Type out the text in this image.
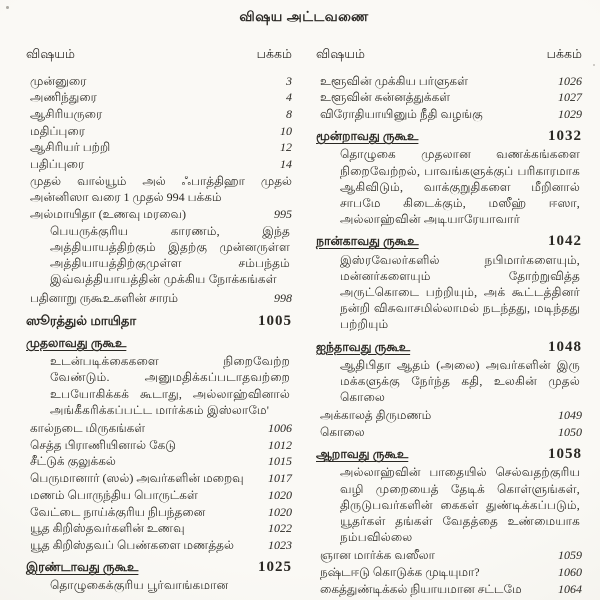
விஷய அட்டவணை
விஷயம்	பக்கம் விஷயம்	பக்கம்
முன்னுரை	3
அணிந்துரை	4
ஆசிரியருரை	8
மதிப்புரை	10
ஆசிரியர் பற்றி	12
பதிப்புரை	14
முதல் வால்யூம் அல் ஃபாத்திஹா முதல் அன்னிஸா வரை 1 முதல் 994 பக்கம்
அல்மாயிதா (உணவு மரவை)	995
பெயருக்குரிய காரணம், இந்த அத்தியாயத்திற்கும் இதற்கு முன்னருள்ள அத்தியாயத்திற்குமுள்ள சம்பந்தம் இவ்வத்தியாயத்தின் முக்கிய நோக்கங்கள்
பதினாறு ருகூஉகளின் சாரம்	998
ஸூரத்துல் மாயிதா	1005
முதலாவது ருகூஉ
உடன்படிக்கைகளை நிறைவேற்ற வேண்டும். அனுமதிக்கப்படாதவற்றை உபயோகிக்கக் கூடாது, அல்லாஹ்வினால் அங்கீகரிக்கப்பட்ட மார்க்கம் இஸ்லாமே'
கால்நடை மிருகங்கள்	1006
செத்த பிராணியினால் கேடு	1012
சீட்டுக் குலுக்கல்	1015
பெருமானார் (ஸல்) அவர்களின் மறைவு 1017
மணம் பொருந்திய பொருட்கள்	1020
வேட்டை நாய்க்குரிய நிபந்தனை	1020
யூத கிறிஸ்தவர்களின் உணவு	1022
யூத கிறிஸ்தவப் பெண்களை மணத்தல்	1023
இரண்டாவது ருகூஉ	1025
தொழுகைக்குரிய பூர்வாங்கமான
உளூவின் முக்கிய பர்ளுகள்	1026
உளூவின் சுன்னத்துக்கள்	1027
விரோதியாயினும் நீதி வழங்கு	1029
மூன்றாவது ருகூஉ	1032
தொழுகை முதலான வணக்கங்களை நிறைவேற்றல், பாவங்களுக்குப் பரிகாரமாக ஆகிவிடும், வாக்குறுதிகளை மீறினால் சாபமே கிடைக்கும், மஸீஹ் ஈஸா, அல்லாஹ்வின் அடியாரேயாவார்
நான்காவது ருகூஉ	1042
இஸ்ரவேலர்களில் நபிமார்களையும், மன்னர்களையும் தோற்றுவித்த அருட்கொடை பற்றியும், அக் கூட்டத்தினர் நன்றி விசுவாசமில்லாமல் நடந்தது, மடிந்தது பற்றியும்
ஐந்தாவது ருகூஉ	1048
ஆதிபிதா ஆதம் (அலை) அவர்களின் இரு மக்களுக்கு நேர்ந்த கதி, உலகின் முதல் கொலை
அக்காலத் திருமணம்	1049
கொலை	1050
ஆறாவது ருகூஉ	1058
அல்லாஹ்வின் பாதையில் செல்வதற்குரிய வழி முறையைத் தேடிக் கொள்ளுங்கள், திருடுபவர்களின் கைகள் துண்டிக்கப்படும், யூதர்கள் தங்கள் வேதத்தை உண்மையாக நம்பவில்லை
ஞான மார்க்க வஸீலா	1059
நஷ்டஈடு கொடுக்க முடியுமா?	1060
கைத்துண்டிக்கல் நியாயமான சட்டமே	1064
